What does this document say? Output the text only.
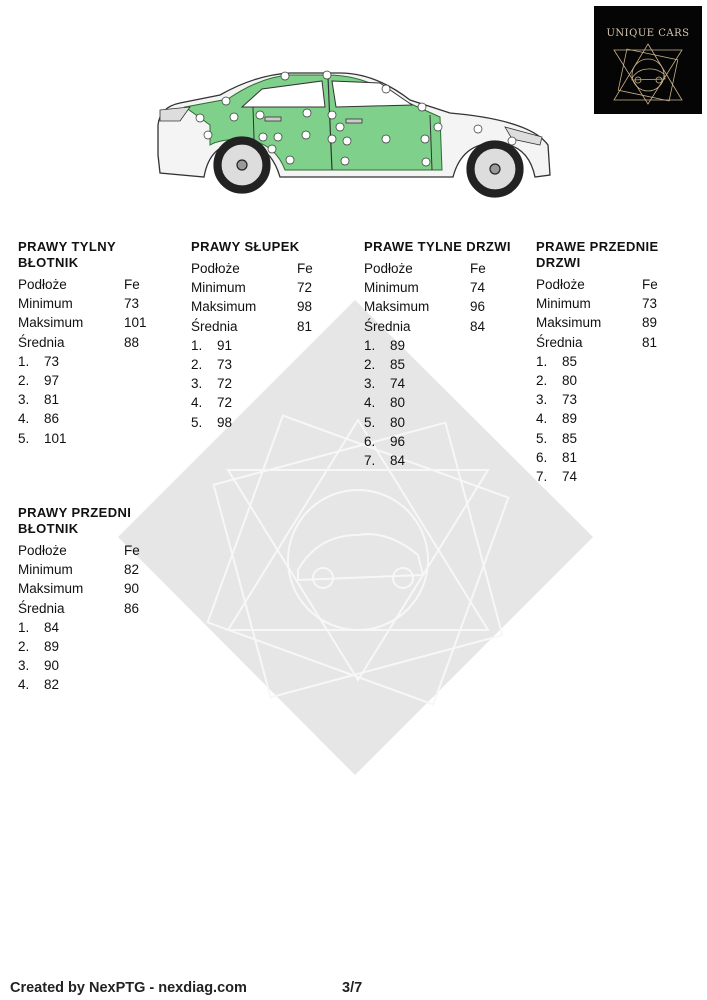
UNIQUE CARS
PRAWY TYLNY BŁOTNIK
Podłoże	Fe
Minimum	73
Maksimum	101
Średnia	88
1.	73
2.	97
3.	81
4.	86
5.	101
PRAWY SŁUPEK
Podłoże	Fe
Minimum	72
Maksimum	98
Średnia	81
1.	91
2.	73
3.	72
4.	72
5.	98
PRAWE TYLNE DRZWI
Podłoże	Fe
Minimum	74
Maksimum	96
Średnia	84
1.	89
2.	85
3.	74
4.	80
5.	80
6.	96
7.	84
PRAWE PRZEDNIE DRZWI
Podłoże	Fe
Minimum	73
Maksimum	89
Średnia	81
1.	85
2.	80
3.	73
4.	89
5.	85
6.	81
7.	74
PRAWY PRZEDNI BŁOTNIK
Podłoże	Fe
Minimum	82
Maksimum	90
Średnia	86
1.	84
2.	89
3.	90
4.	82
Created by NexPTG - nexdiag.com	3/7
